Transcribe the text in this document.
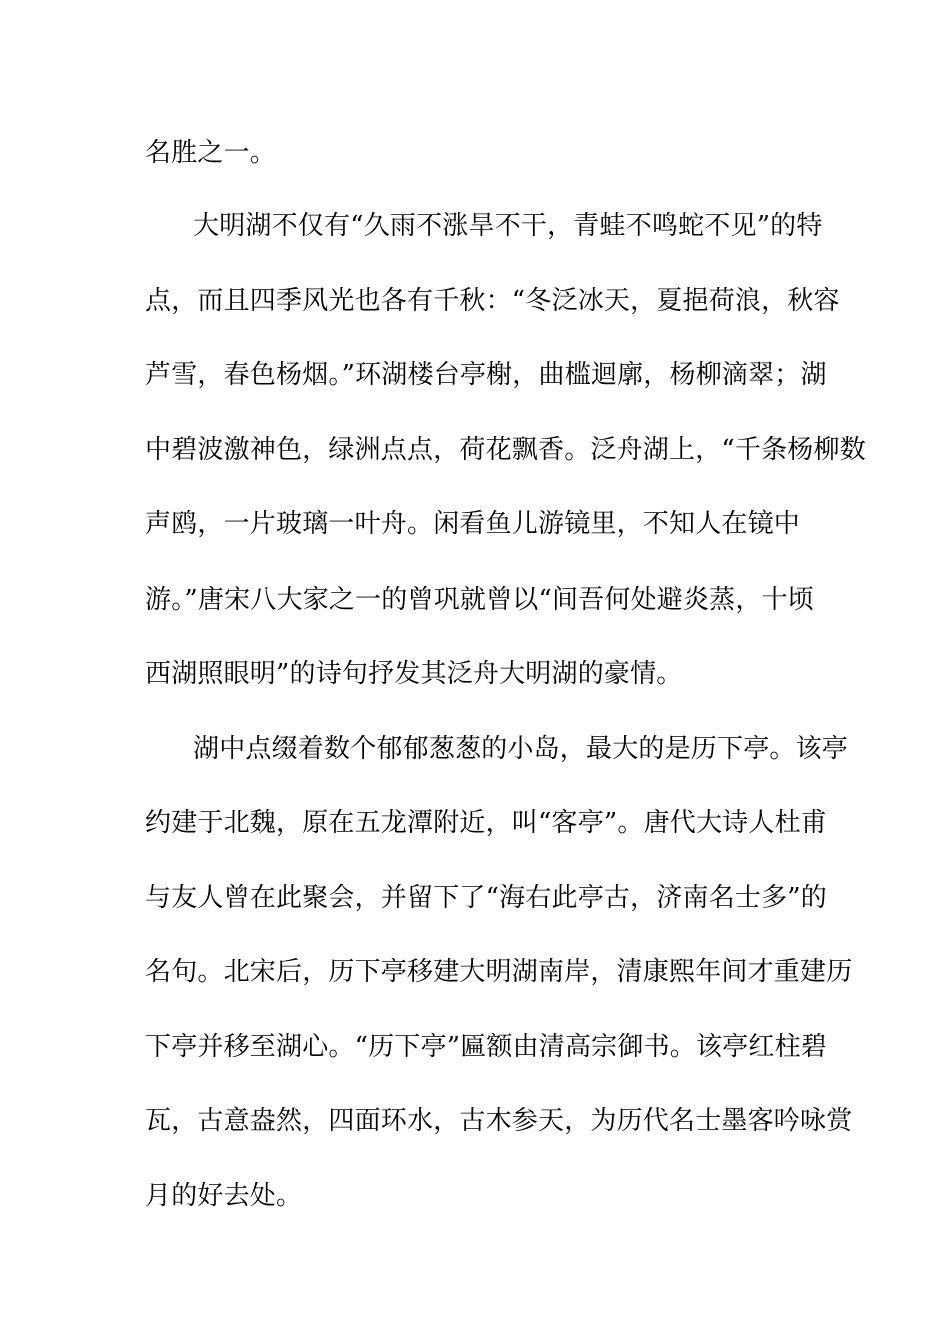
名胜之一。
大明湖不仅有“久雨不涨旱不干，青蛙不鸣蛇不见”的特
点，而且四季风光也各有千秋：“冬泛冰天，夏挹荷浪，秋容
芦雪，春色杨烟。”环湖楼台亭榭，曲槛迴廓，杨柳滴翠；湖
中碧波激神色，绿洲点点，荷花飘香。泛舟湖上，“千条杨柳数
声鸥，一片玻璃一叶舟。闲看鱼儿游镜里，不知人在镜中
游。”唐宋八大家之一的曾巩就曾以“间吾何处避炎蒸，十顷
西湖照眼明”的诗句抒发其泛舟大明湖的豪情。
湖中点缀着数个郁郁葱葱的小岛，最大的是历下亭。该亭
约建于北魏，原在五龙潭附近，叫“客亭”。唐代大诗人杜甫
与友人曾在此聚会，并留下了“海右此亭古，济南名士多”的
名句。北宋后，历下亭移建大明湖南岸，清康熙年间才重建历
下亭并移至湖心。“历下亭”匾额由清高宗御书。该亭红柱碧
瓦，古意盎然，四面环水，古木参天，为历代名士墨客吟咏赏
月的好去处。
